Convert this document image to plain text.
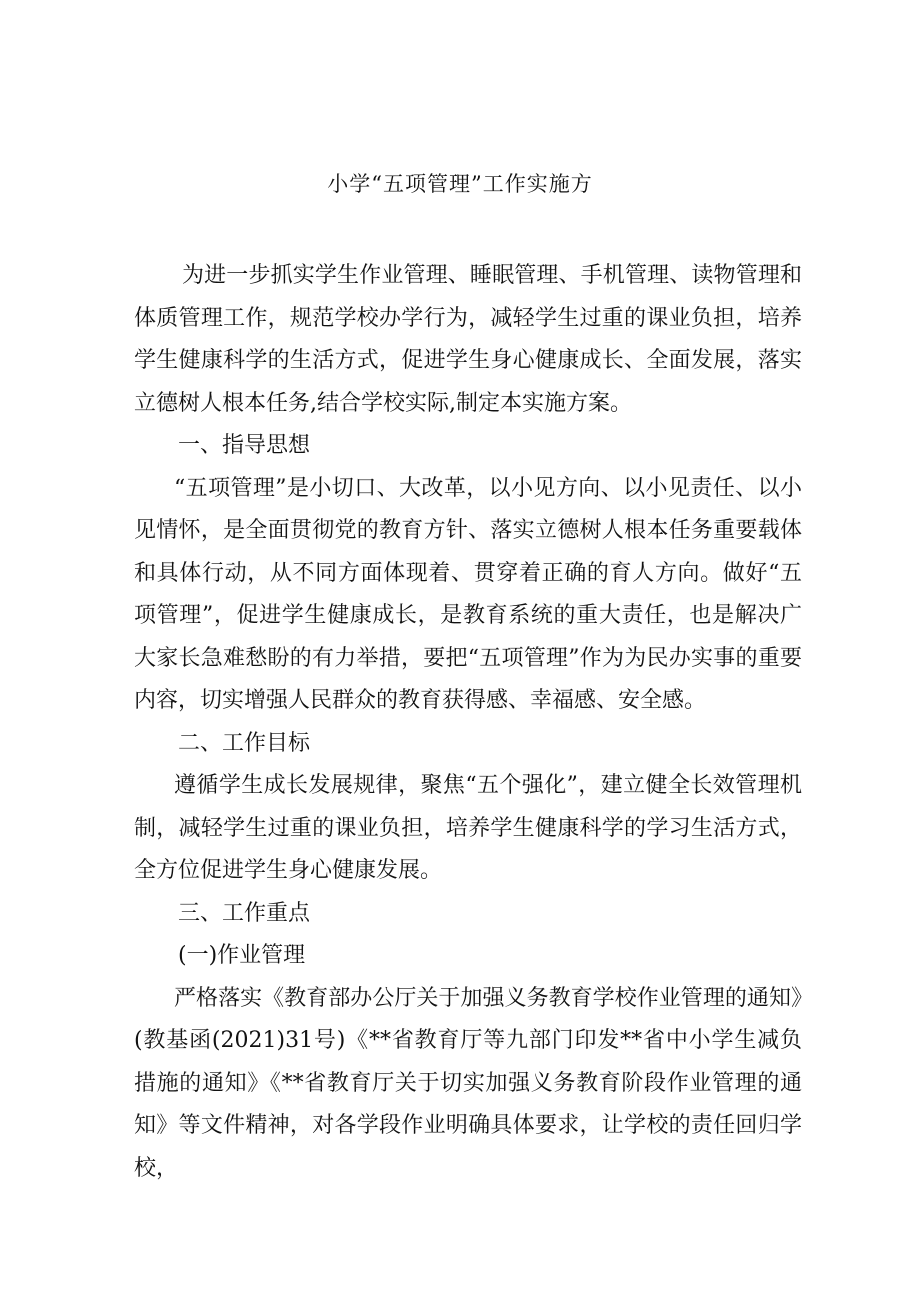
小学“五项管理”工作实施方

为进一步抓实学生作业管理、睡眠管理、手机管理、读物管理和体质管理工作，规范学校办学行为，减轻学生过重的课业负担，培养学生健康科学的生活方式，促进学生身心健康成长、全面发展，落实立德树人根本任务,结合学校实际,制定本实施方案。

一、指导思想

“五项管理”是小切口、大改革，以小见方向、以小见责任、以小见情怀，是全面贯彻党的教育方针、落实立德树人根本任务重要载体和具体行动，从不同方面体现着、贯穿着正确的育人方向。做好“五项管理”，促进学生健康成长，是教育系统的重大责任，也是解决广大家长急难愁盼的有力举措，要把“五项管理”作为为民办实事的重要内容，切实增强人民群众的教育获得感、幸福感、安全感。

二、工作目标

遵循学生成长发展规律，聚焦“五个强化”，建立健全长效管理机制，减轻学生过重的课业负担，培养学生健康科学的学习生活方式，全方位促进学生身心健康发展。

三、工作重点

(一)作业管理

严格落实《教育部办公厅关于加强义务教育学校作业管理的通知》(教基函(2021)31号)《**省教育厅等九部门印发**省中小学生减负措施的通知》《**省教育厅关于切实加强义务教育阶段作业管理的通知》等文件精神，对各学段作业明确具体要求，让学校的责任回归学校，
